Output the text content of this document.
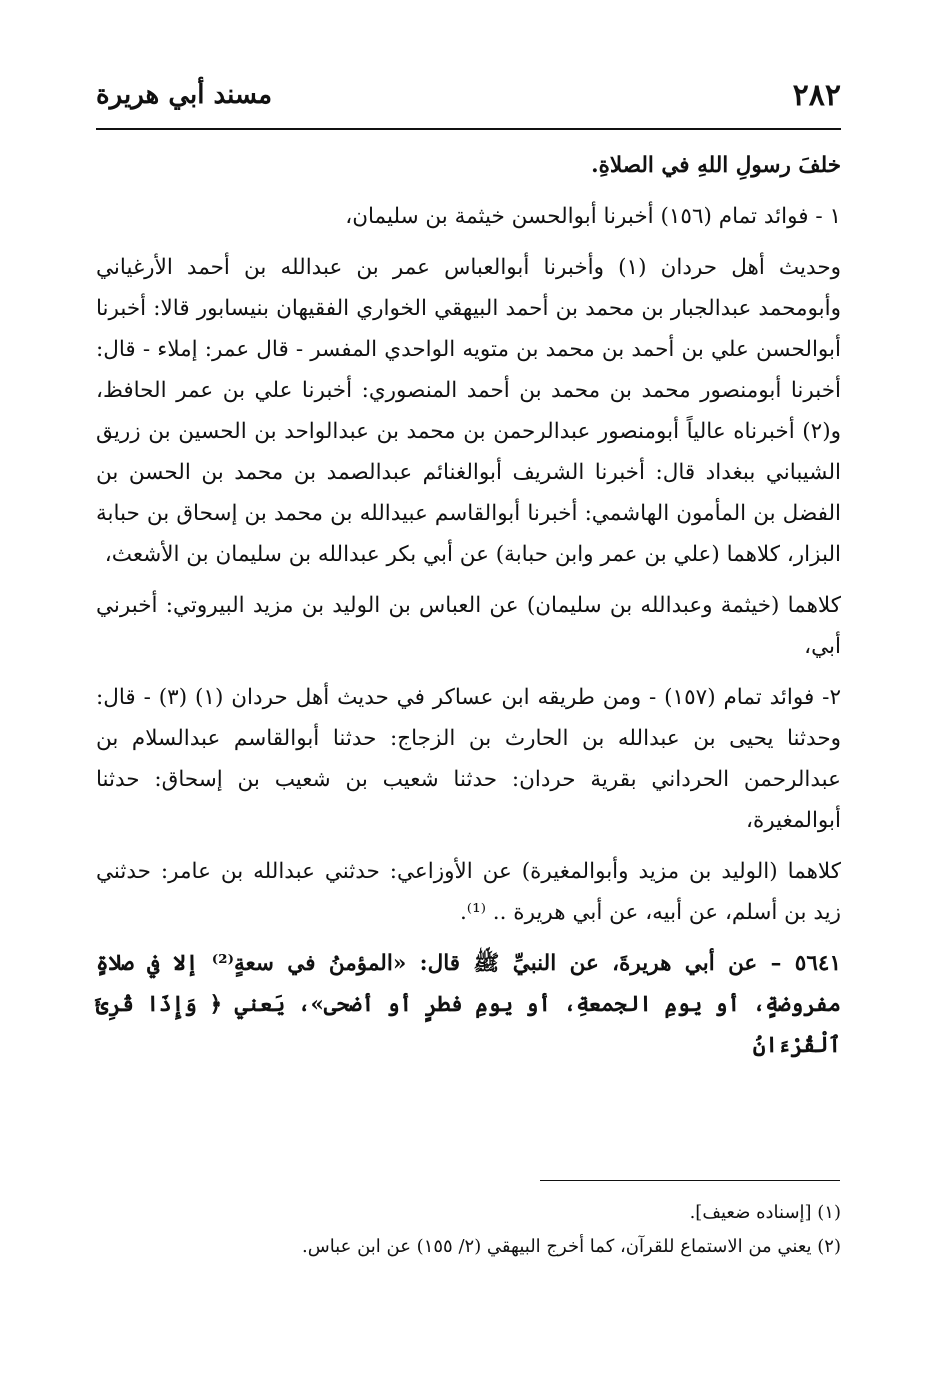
٢٨٢
مسند أبي هريرة

خلفَ رسولِ اللهِ في الصلاةِ.

١ - فوائد تمام (١٥٦) أخبرنا أبوالحسن خيثمة بن سليمان،

وحديث أهل حردان (١) وأخبرنا أبوالعباس عمر بن عبدالله بن أحمد الأرغياني وأبومحمد عبدالجبار بن محمد بن أحمد البيهقي الخواري الفقيهان بنيسابور قالا: أخبرنا أبوالحسن علي بن أحمد بن محمد بن متويه الواحدي المفسر - قال عمر: إملاء - قال: أخبرنا أبومنصور محمد بن محمد بن أحمد المنصوري: أخبرنا علي بن عمر الحافظ، و(٢) أخبرناه عالياً أبومنصور عبدالرحمن بن محمد بن عبدالواحد بن الحسين بن زريق الشيباني ببغداد قال: أخبرنا الشريف أبوالغنائم عبدالصمد بن محمد بن الحسن بن الفضل بن المأمون الهاشمي: أخبرنا أبوالقاسم عبيدالله بن محمد بن إسحاق بن حبابة البزار، كلاهما (علي بن عمر وابن حبابة) عن أبي بكر عبدالله بن سليمان بن الأشعث،

كلاهما (خيثمة وعبدالله بن سليمان) عن العباس بن الوليد بن مزيد البيروتي: أخبرني أبي،

٢- فوائد تمام (١٥٧) - ومن طريقه ابن عساكر في حديث أهل حردان (١) (٣) - قال: وحدثنا يحيى بن عبدالله بن الحارث بن الزجاج: حدثنا أبوالقاسم عبدالسلام بن عبدالرحمن الحرداني بقرية حردان: حدثنا شعيب بن شعيب بن إسحاق: حدثنا أبوالمغيرة،

كلاهما (الوليد بن مزيد وأبوالمغيرة) عن الأوزاعي: حدثني عبدالله بن عامر: حدثني زيد بن أسلم، عن أبيه، عن أبي هريرة .. ⁽¹⁾.

٥٦٤١ – عن أبي هريرةَ، عن النبيِّ ﷺ قال: «المؤمنُ في سعةٍ⁽²⁾ إلا في صلاةٍ مفروضةٍ، أو يومِ الجمعةِ، أو يومِ فطرٍ أو أضحى»، يَعني ﴿ وَإِذَا قُرِئَ ٱلْقُرْءَانُ

(١) [إسناده ضعيف].

(٢) يعني من الاستماع للقرآن، كما أخرج البيهقي (٢/ ١٥٥) عن ابن عباس.
